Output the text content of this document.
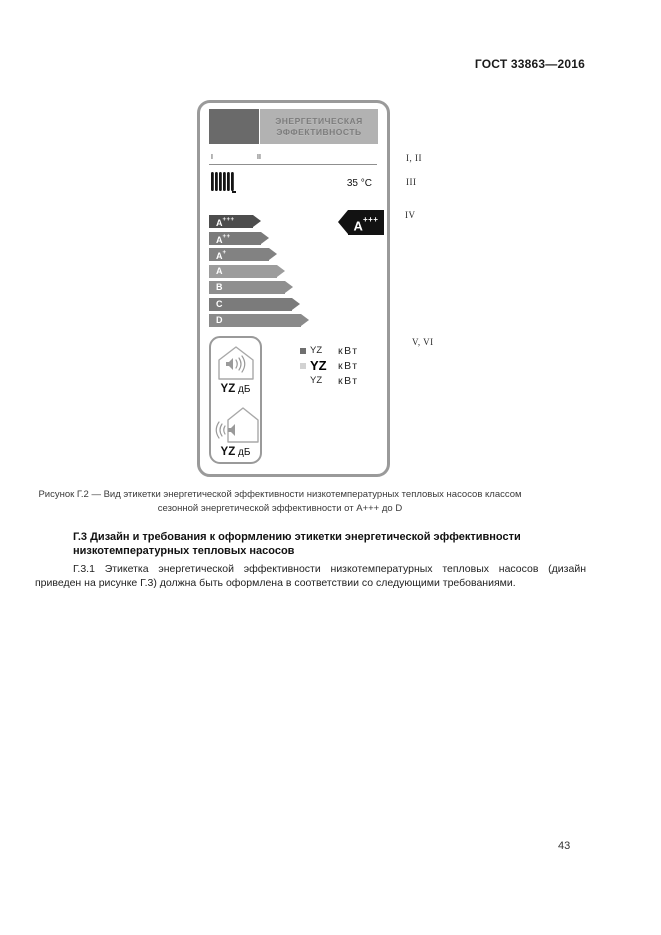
ГОСТ 33863—2016
ЭНЕРГЕТИЧЕСКАЯ
ЭФФЕКТИВНОСТЬ
I	II
35 °C
A+++
A++
A+
A
B
C
D
A+++
YZ дБ
YZ дБ
YZ	кВт
YZ	кВт
YZ	кВт
I, II
III
IV
V, VI
Рисунок Г.2 — Вид этикетки энергетической эффективности низкотемпературных тепловых насосов классом
сезонной энергетической эффективности от А+++ до D
Г.3 Дизайн и требования к оформлению этикетки энергетической эффективности
низкотемпературных тепловых насосов
Г.3.1 Этикетка энергетической эффективности низкотемпературных тепловых насосов (дизайн приведен на рисунке Г.3) должна быть оформлена в соответствии со следующими требованиями.
43
